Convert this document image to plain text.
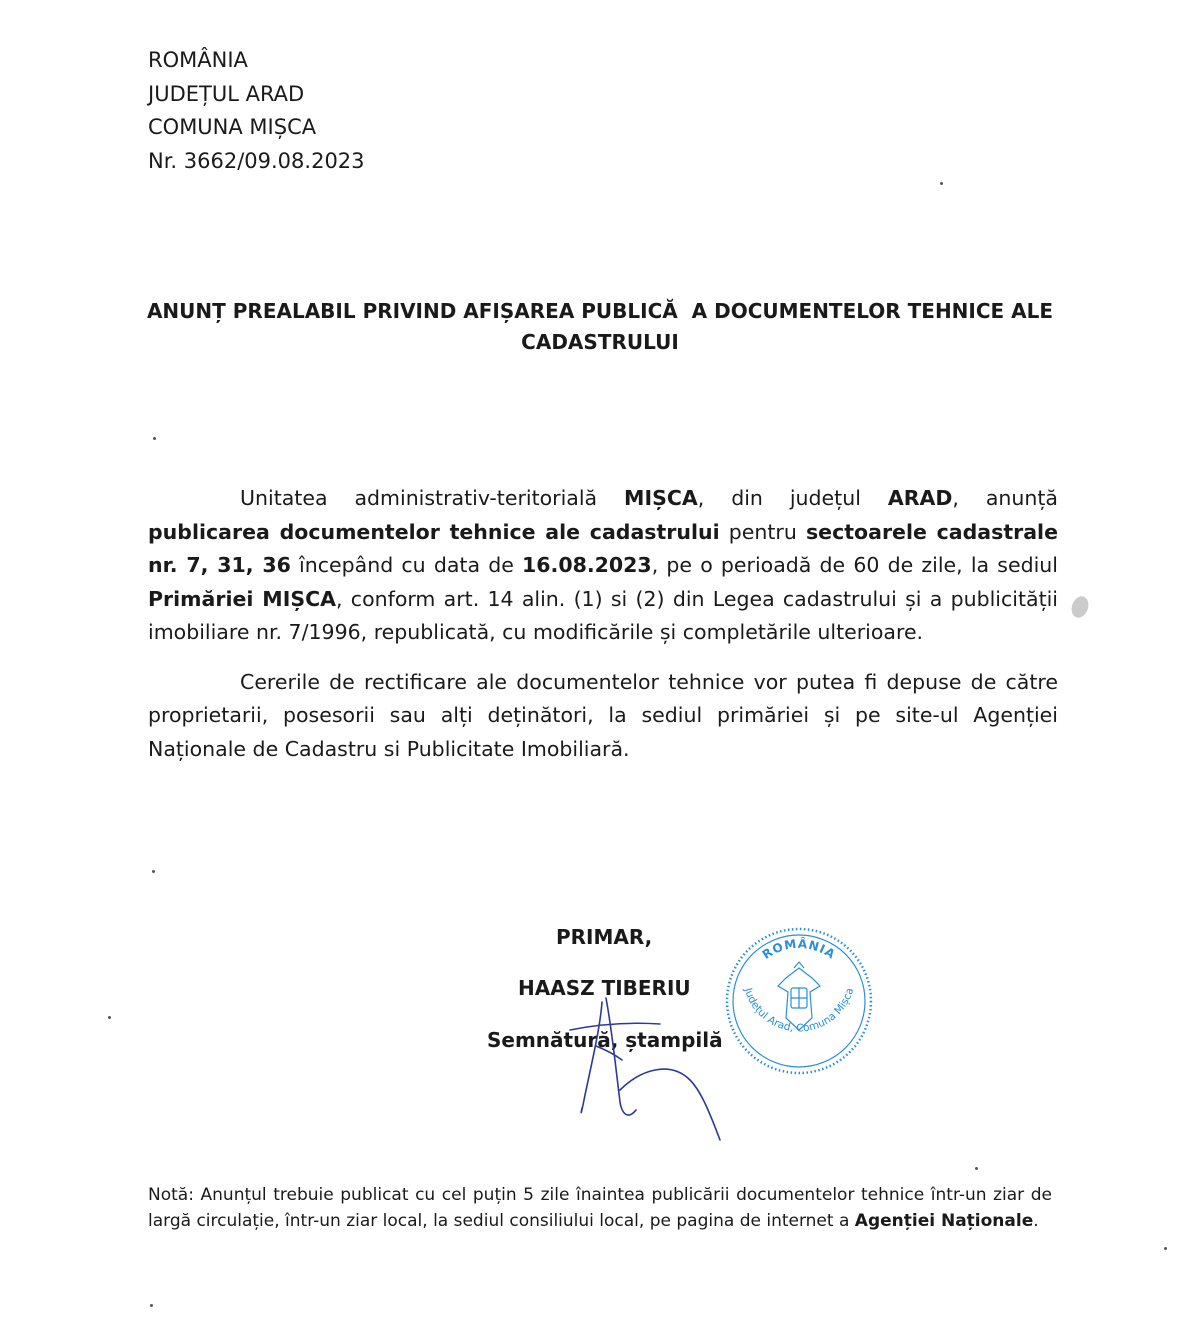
ROMÂNIA
JUDEȚUL ARAD
COMUNA MIȘCA
Nr. 3662/09.08.2023
ANUNȚ PREALABIL PRIVIND AFIȘAREA PUBLICĂ  A DOCUMENTELOR TEHNICE ALE
CADASTRULUI

Unitatea administrativ-teritorială MIȘCA, din județul ARAD, anunță publicarea documentelor tehnice ale cadastrului pentru sectoarele cadastrale nr. 7, 31, 36 începând cu data de 16.08.2023, pe o perioadă de 60 de zile, la sediul Primăriei MIȘCA, conform art. 14 alin. (1) si (2) din Legea cadastrului și a publicității imobiliare nr. 7/1996, republicată, cu modificările și completările ulterioare.

Cererile de rectificare ale documentelor tehnice vor putea fi depuse de către proprietarii, posesorii sau alți deținători, la sediul primăriei și pe site-ul Agenției Naționale de Cadastru si Publicitate Imobiliară.

PRIMAR,
HAASZ TIBERIU
Semnătură, ștampilă
ROMÂNIA
Județul Arad, Comuna Mișca
Notă: Anunțul trebuie publicat cu cel puțin 5 zile înaintea publicării documentelor tehnice într-un ziar de largă circulație, într-un ziar local, la sediul consiliului local, pe pagina de internet a Agenției Naționale.
